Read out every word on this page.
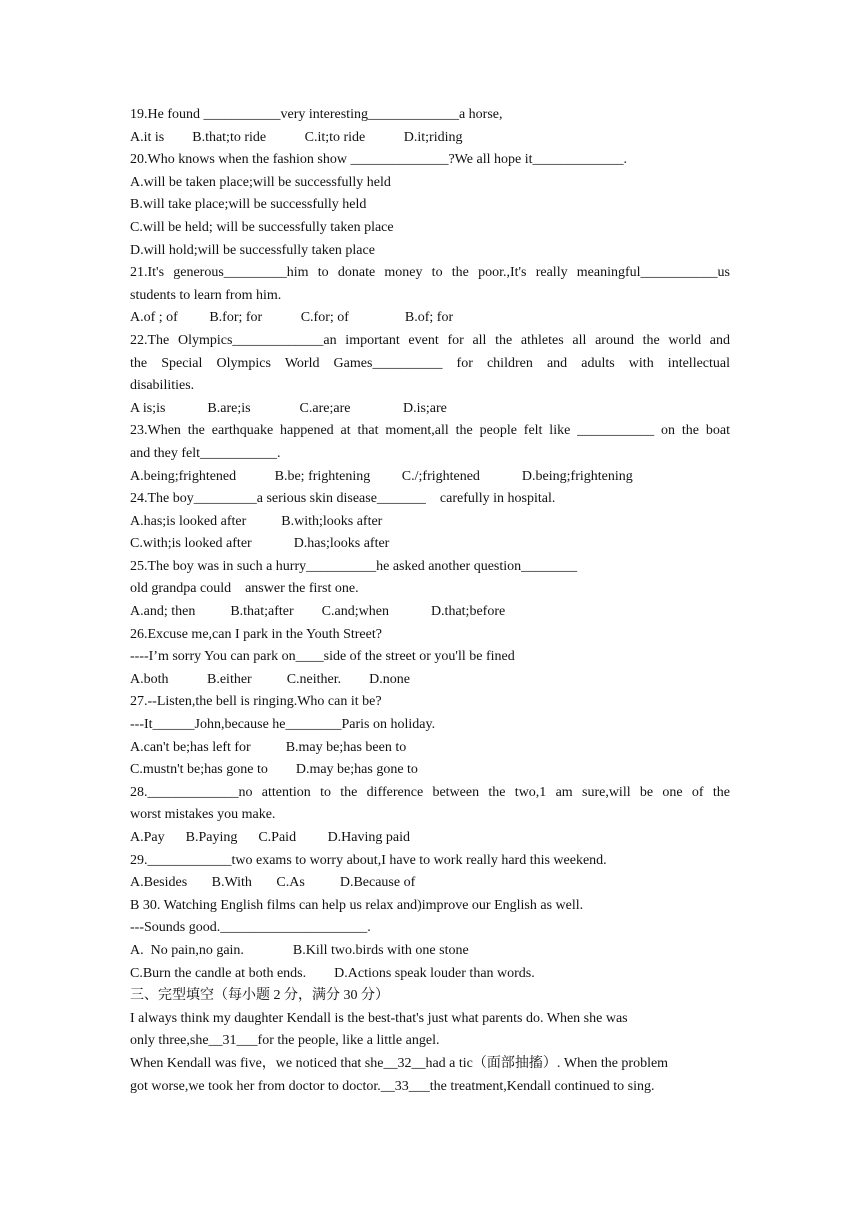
19.He found ___________very interesting_____________a horse,
A.it is        B.that;to ride           C.it;to ride           D.it;riding
20.Who knows when the fashion show ______________?We all hope it_____________.
A.will be taken place;will be successfully held
B.will take place;will be successfully held
C.will be held; will be successfully taken place
D.will hold;will be successfully taken place
21.It's generous_________him to donate money to the poor.,It's really meaningful___________us
students to learn from him.
A.of ; of         B.for; for           C.for; of                B.of; for
22.The Olympics_____________an important event for all the athletes all around the world and
the Special Olympics World Games__________ for children and adults with intellectual
disabilities.
A is;is            B.are;is              C.are;are               D.is;are
23.When the earthquake happened at that moment,all the people felt like ___________ on the boat
and they felt___________.
A.being;frightened           B.be; frightening         C./;frightened            D.being;frightening
24.The boy_________a serious skin disease_______    carefully in hospital.
A.has;is looked after          B.with;looks after
C.with;is looked after            D.has;looks after
25.The boy was in such a hurry__________he asked another question________
old grandpa could    answer the first one.
A.and; then          B.that;after        C.and;when            D.that;before
26.Excuse me,can I park in the Youth Street?
----I’m sorry You can park on____side of the street or you'll be fined
A.both           B.either          C.neither.        D.none
27.--Listen,the bell is ringing.Who can it be?
---It______John,because he________Paris on holiday.
A.can't be;has left for          B.may be;has been to
C.mustn't be;has gone to        D.may be;has gone to
28._____________no attention to the difference between the two,1 am sure,will be one of the
worst mistakes you make.
A.Pay      B.Paying      C.Paid         D.Having paid
29.____________two exams to worry about,I have to work really hard this weekend.
A.Besides       B.With       C.As          D.Because of
B 30. Watching English films can help us relax and)improve our English as well.
---Sounds good._____________________.
A.  No pain,no gain.              B.Kill two.birds with one stone
C.Burn the candle at both ends.        D.Actions speak louder than words.
三、完型填空（每小题 2 分，满分 30 分）
I always think my daughter Kendall is the best-that's just what parents do. When she was
only three,she__31___for the people, like a little angel.
When Kendall was five，we noticed that she__32__had a tic（面部抽搐）. When the problem
got worse,we took her from doctor to doctor.__33___the treatment,Kendall continued to sing.
